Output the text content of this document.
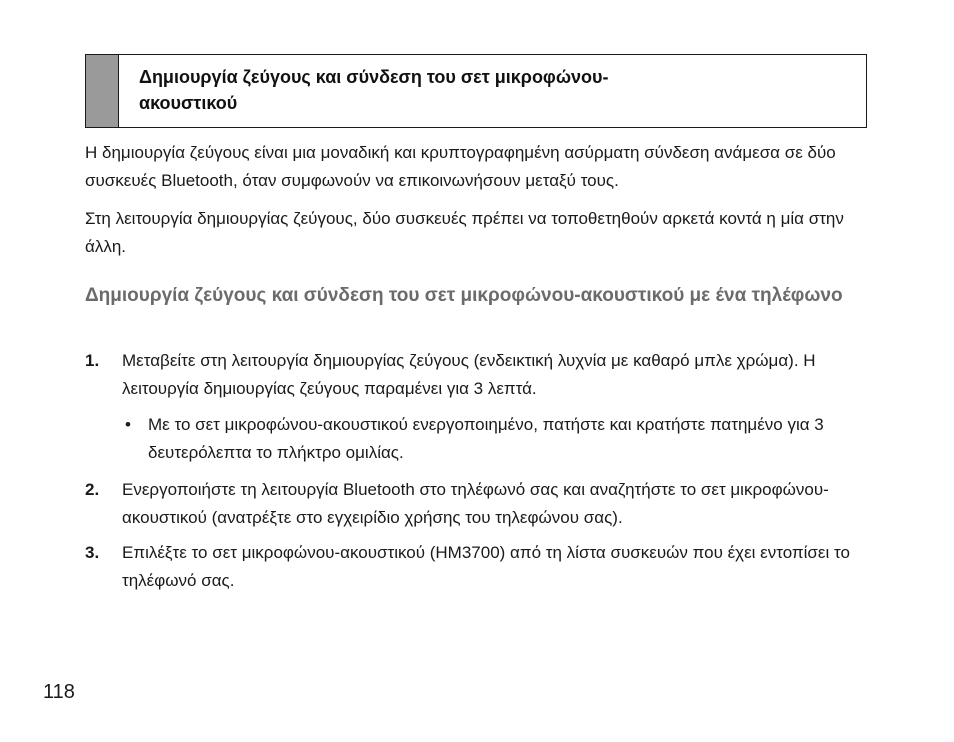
Δημιουργία ζεύγους και σύνδεση του σετ μικροφώνου-ακουστικού

Η δημιουργία ζεύγους είναι μια μοναδική και κρυπτογραφημένη ασύρματη σύνδεση ανάμεσα σε δύο συσκευές Bluetooth, όταν συμφωνούν να επικοινωνήσουν μεταξύ τους.

Στη λειτουργία δημιουργίας ζεύγους, δύο συσκευές πρέπει να τοποθετηθούν αρκετά κοντά η μία στην άλλη.

Δημιουργία ζεύγους και σύνδεση του σετ μικροφώνου-ακουστικού με ένα τηλέφωνο
1. Μεταβείτε στη λειτουργία δημιουργίας ζεύγους (ενδεικτική λυχνία με καθαρό μπλε χρώμα). Η λειτουργία δημιουργίας ζεύγους παραμένει για 3 λεπτά.
• Με το σετ μικροφώνου-ακουστικού ενεργοποιημένο, πατήστε και κρατήστε πατημένο για 3 δευτερόλεπτα το πλήκτρο ομιλίας.
2. Ενεργοποιήστε τη λειτουργία Bluetooth στο τηλέφωνό σας και αναζητήστε το σετ μικροφώνου-ακουστικού (ανατρέξτε στο εγχειρίδιο χρήσης του τηλεφώνου σας).
3. Επιλέξτε το σετ μικροφώνου-ακουστικού (HM3700) από τη λίστα συσκευών που έχει εντοπίσει το τηλέφωνό σας.
118
